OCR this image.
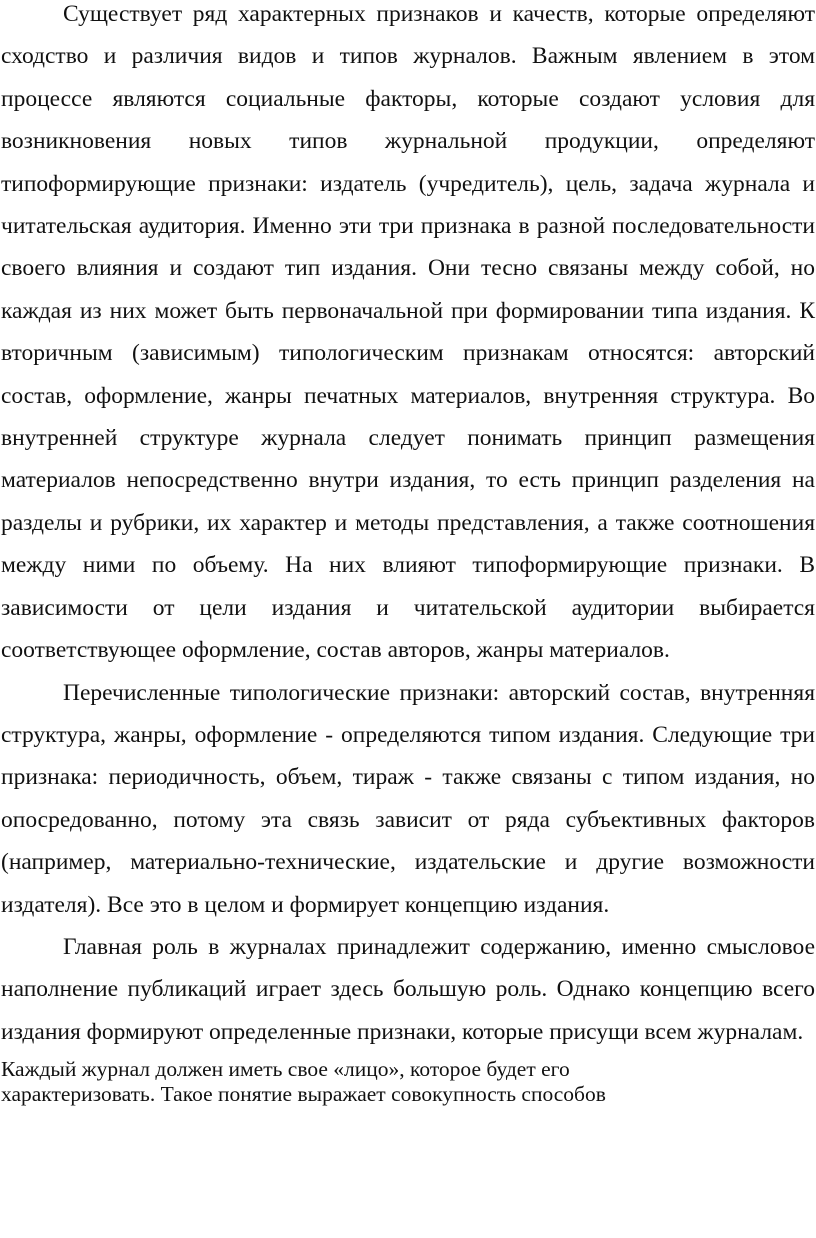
Существует ряд характерных признаков и качеств, которые определяют сходство и различия видов и типов журналов. Важным явлением в этом процессе являются социальные факторы, которые создают условия для возникновения новых типов журнальной продукции, определяют типоформирующие признаки: издатель (учредитель), цель, задача журнала и читательская аудитория. Именно эти три признака в разной последовательности своего влияния и создают тип издания. Они тесно связаны между собой, но каждая из них может быть первоначальной при формировании типа издания. К вторичным (зависимым) типологическим признакам относятся: авторский состав, оформление, жанры печатных материалов, внутренняя структура. Во внутренней структуре журнала следует понимать принцип размещения материалов непосредственно внутри издания, то есть принцип разделения на разделы и рубрики, их характер и методы представления, а также соотношения между ними по объему. На них влияют типоформирующие признаки. В зависимости от цели издания и читательской аудитории выбирается соответствующее оформление, состав авторов, жанры материалов.

Перечисленные типологические признаки: авторский состав, внутренняя структура, жанры, оформление - определяются типом издания. Следующие три признака: периодичность, объем, тираж - также связаны с типом издания, но опосредованно, потому эта связь зависит от ряда субъективных факторов (например, материально-технические, издательские и другие возможности издателя). Все это в целом и формирует концепцию издания.

Главная роль в журналах принадлежит содержанию, именно смысловое наполнение публикаций играет здесь большую роль. Однако концепцию всего издания формируют определенные признаки, которые присущи всем журналам.

Каждый журнал должен иметь свое «лицо», которое будет его
характеризовать. Такое понятие выражает совокупность способов
